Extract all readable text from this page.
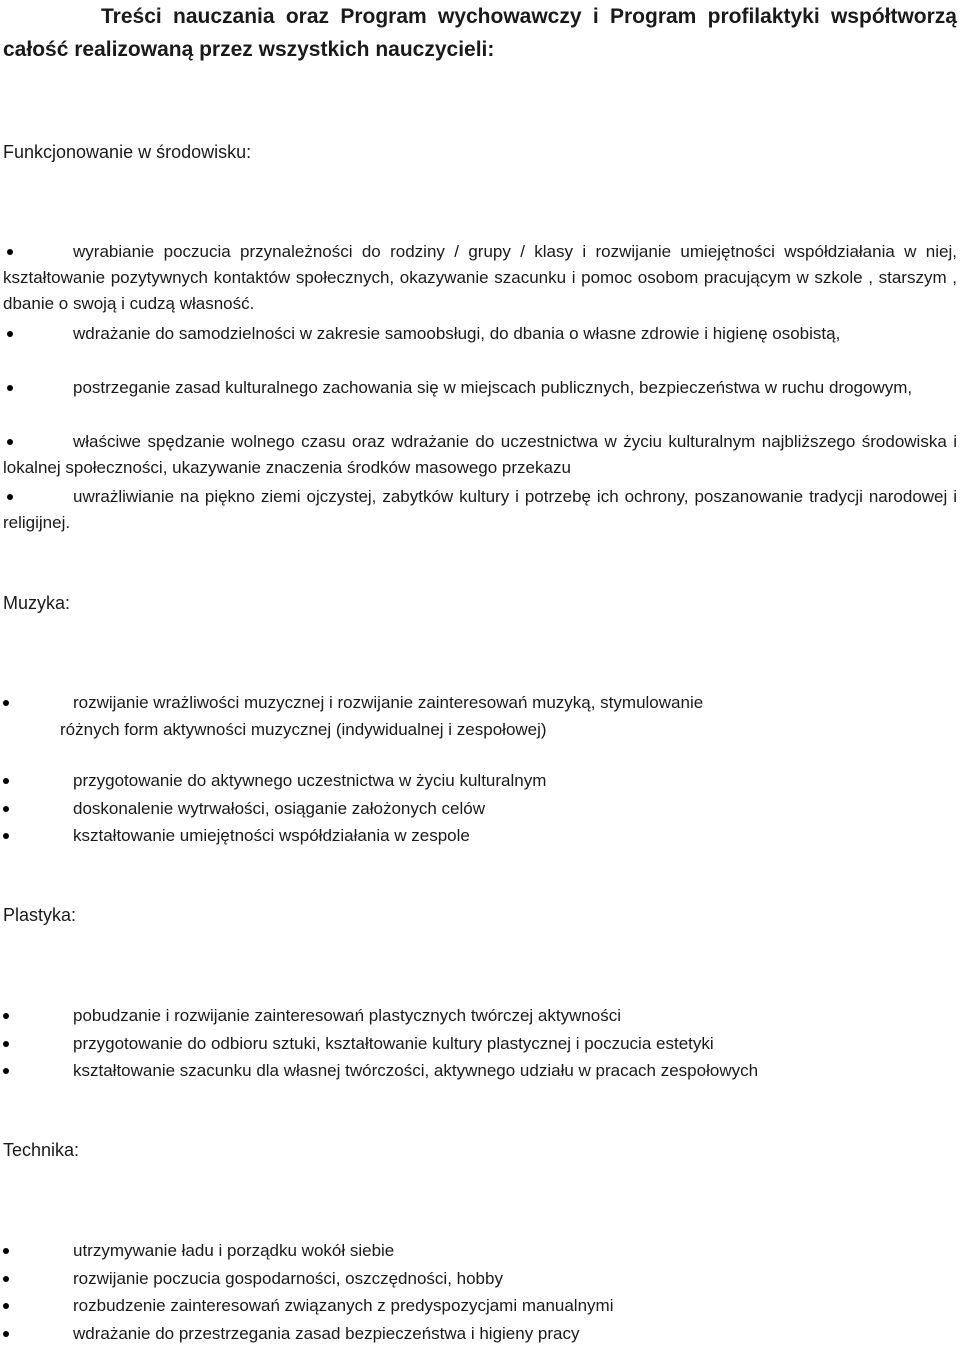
Treści nauczania oraz Program wychowawczy i Program profilaktyki współtworzą całość realizowaną przez wszystkich nauczycieli:
Funkcjonowanie w środowisku:
wyrabianie poczucia przynależności do rodziny / grupy / klasy i rozwijanie umiejętności współdziałania w niej, kształtowanie pozytywnych kontaktów społecznych, okazywanie szacunku i pomoc osobom pracującym w szkole , starszym , dbanie o swoją i cudzą własność.
wdrażanie do samodzielności w zakresie samoobsługi, do dbania o własne zdrowie i higienę osobistą,
postrzeganie zasad kulturalnego zachowania się w miejscach publicznych, bezpieczeństwa w ruchu drogowym,
właściwe spędzanie wolnego czasu oraz wdrażanie do uczestnictwa w życiu kulturalnym najbliższego środowiska i lokalnej społeczności, ukazywanie znaczenia środków masowego przekazu
uwrażliwianie na piękno ziemi ojczystej, zabytków kultury i potrzebę ich ochrony, poszanowanie tradycji narodowej i religijnej.
Muzyka:
rozwijanie wrażliwości muzycznej i rozwijanie zainteresowań muzyką, stymulowanie
różnych form aktywności muzycznej (indywidualnej i zespołowej)
przygotowanie do aktywnego uczestnictwa w życiu kulturalnym
doskonalenie wytrwałości, osiąganie założonych celów
kształtowanie umiejętności współdziałania w zespole
Plastyka:
pobudzanie i rozwijanie zainteresowań plastycznych twórczej aktywności
przygotowanie do odbioru sztuki, kształtowanie kultury plastycznej i poczucia estetyki
kształtowanie szacunku dla własnej twórczości, aktywnego udziału w pracach zespołowych
Technika:
utrzymywanie ładu i porządku wokół siebie
rozwijanie poczucia gospodarności, oszczędności, hobby
rozbudzenie zainteresowań związanych z predyspozycjami manualnymi
wdrażanie do przestrzegania zasad bezpieczeństwa i higieny pracy
